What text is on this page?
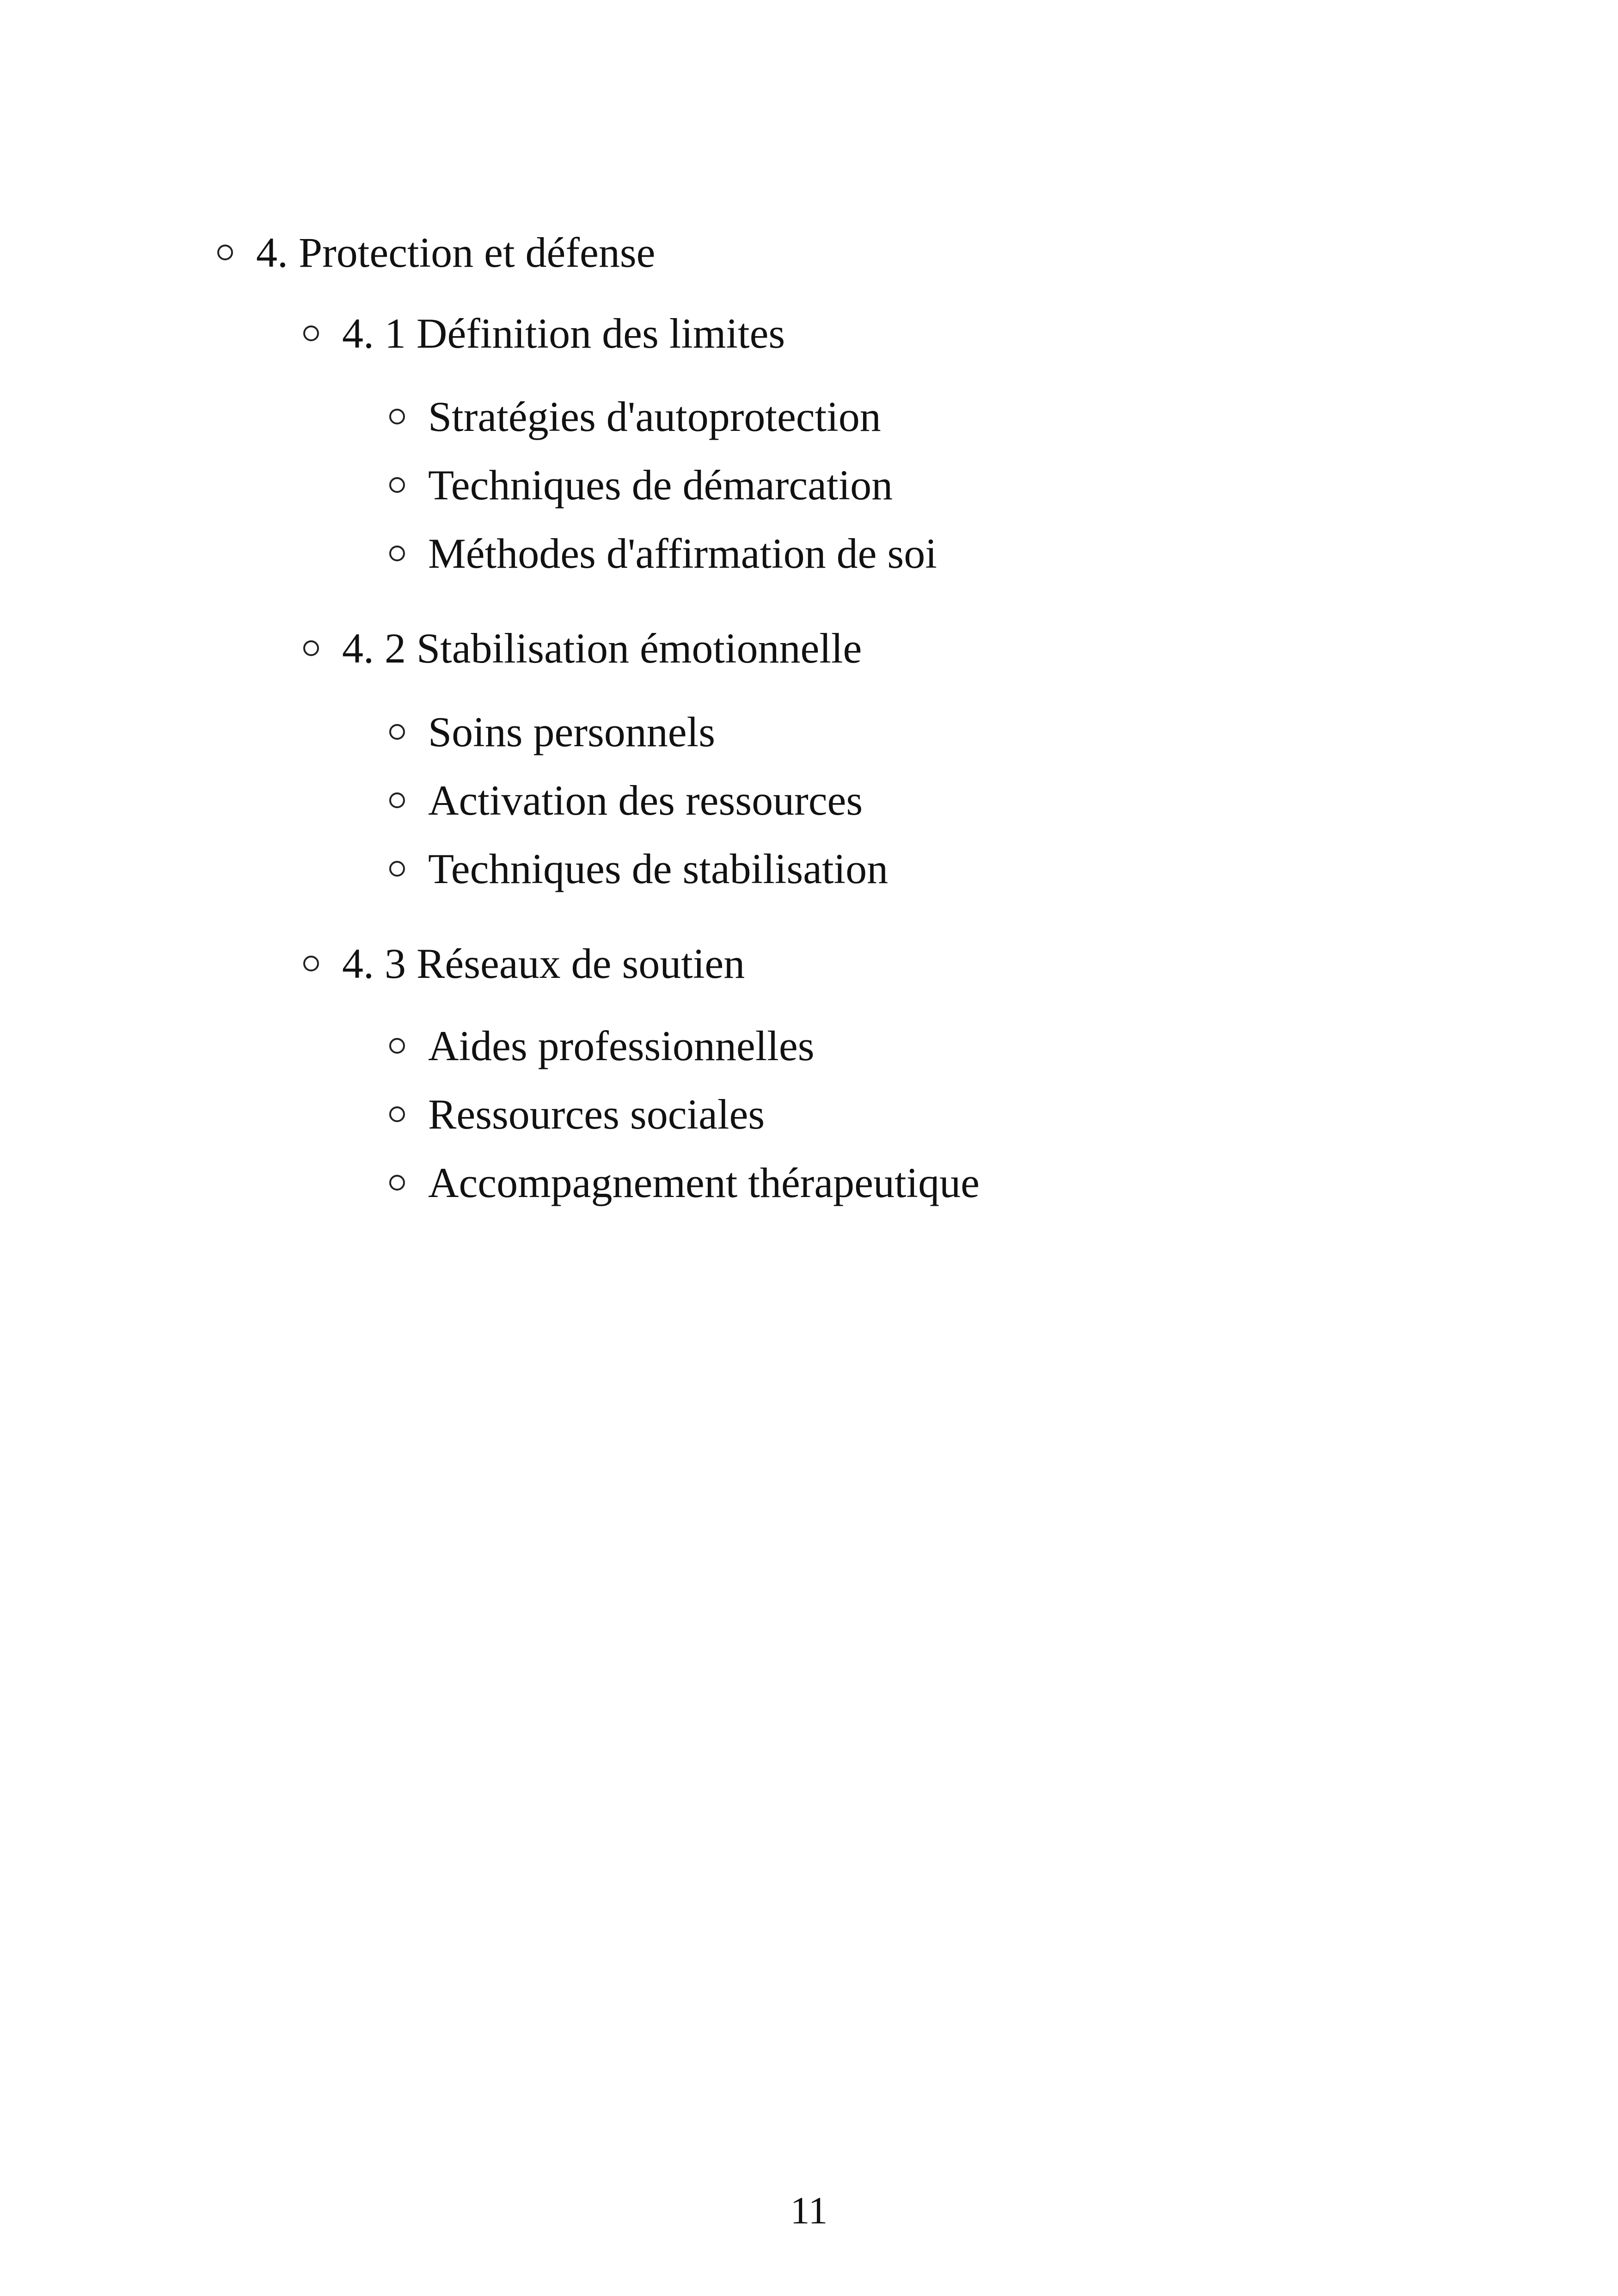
4. Protection et défense
4. 1 Définition des limites
Stratégies d'autoprotection
Techniques de démarcation
Méthodes d'affirmation de soi
4. 2 Stabilisation émotionnelle
Soins personnels
Activation des ressources
Techniques de stabilisation
4. 3 Réseaux de soutien
Aides professionnelles
Ressources sociales
Accompagnement thérapeutique
11
